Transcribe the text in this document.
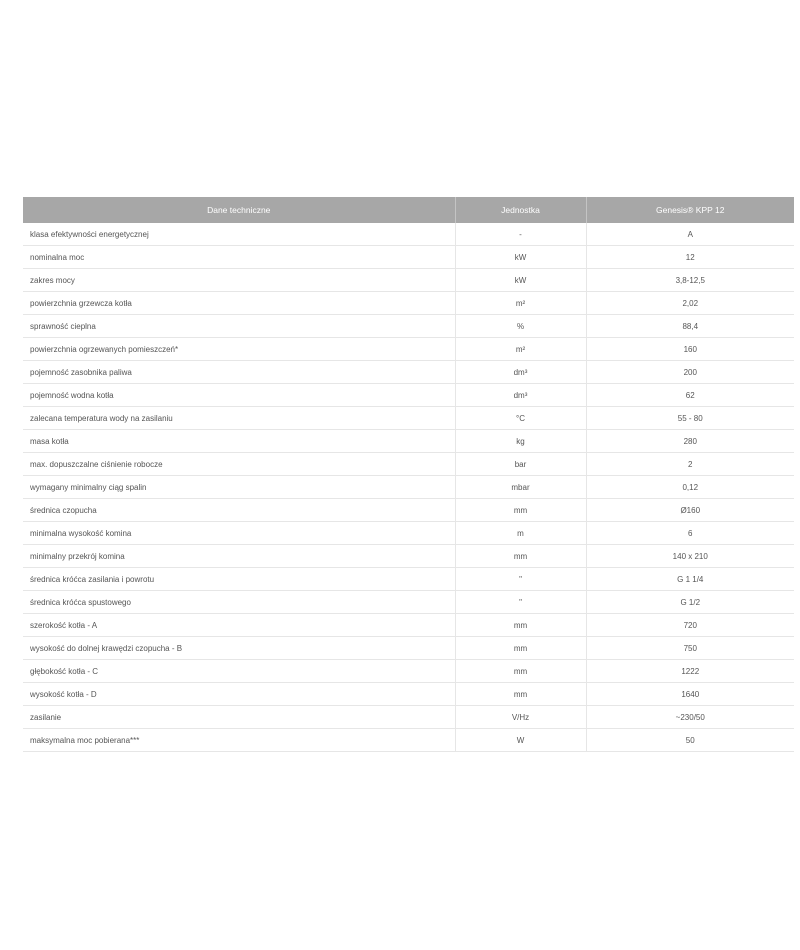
Dane techniczne	Jednostka	Genesis® KPP 12
klasa efektywności energetycznej	-	A
nominalna moc	kW	12
zakres mocy	kW	3,8-12,5
powierzchnia grzewcza kotła	m²	2,02
sprawność cieplna	%	88,4
powierzchnia ogrzewanych pomieszczeń*	m²	160
pojemność zasobnika paliwa	dm³	200
pojemność wodna kotła	dm³	62
zalecana temperatura wody na zasilaniu	°C	55 - 80
masa kotła	kg	280
max. dopuszczalne ciśnienie robocze	bar	2
wymagany minimalny ciąg spalin	mbar	0,12
średnica czopucha	mm	Ø160
minimalna wysokość komina	m	6
minimalny przekrój komina	mm	140 x 210
średnica króćca zasilania i powrotu	"	G 1 1/4
średnica króćca spustowego	"	G 1/2
szerokość kotła - A	mm	720
wysokość do dolnej krawędzi czopucha - B	mm	750
głębokość kotła - C	mm	1222
wysokość kotła - D	mm	1640
zasilanie	V/Hz	~230/50
maksymalna moc pobierana***	W	50
